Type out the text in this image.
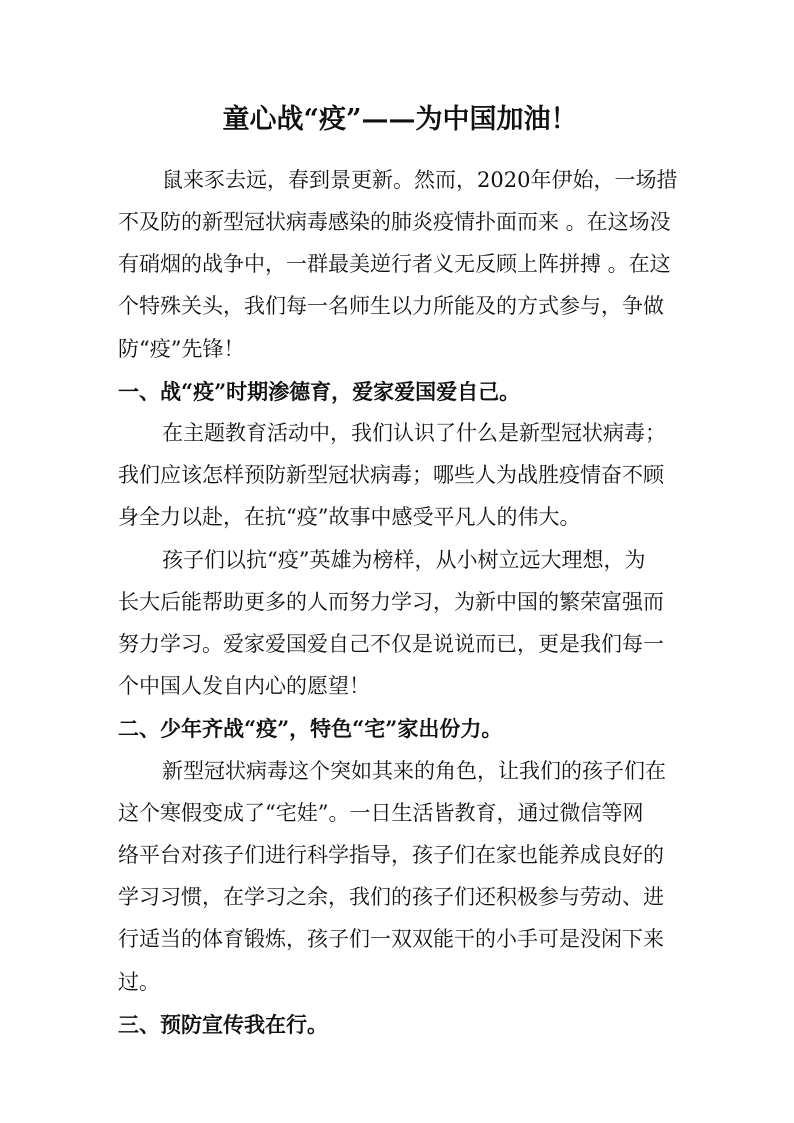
童心战“疫”——为中国加油！
鼠来豕去远，春到景更新。然而，2020年伊始，一场措
不及防的新型冠状病毒感染的肺炎疫情扑面而来 。在这场没
有硝烟的战争中，一群最美逆行者义无反顾上阵拼搏 。在这
个特殊关头，我们每一名师生以力所能及的方式参与，争做
防“疫”先锋！
一、战“疫”时期渗德育，爱家爱国爱自己。
在主题教育活动中，我们认识了什么是新型冠状病毒；
我们应该怎样预防新型冠状病毒；哪些人为战胜疫情奋不顾
身全力以赴，在抗“疫”故事中感受平凡人的伟大。
孩子们以抗“疫”英雄为榜样，从小树立远大理想，为
长大后能帮助更多的人而努力学习，为新中国的繁荣富强而
努力学习。爱家爱国爱自己不仅是说说而已，更是我们每一
个中国人发自内心的愿望！
二、少年齐战“疫”，特色“宅”家出份力。
新型冠状病毒这个突如其来的角色，让我们的孩子们在
这个寒假变成了“宅娃”。一日生活皆教育，通过微信等网
络平台对孩子们进行科学指导，孩子们在家也能养成良好的
学习习惯，在学习之余，我们的孩子们还积极参与劳动、进
行适当的体育锻炼，孩子们一双双能干的小手可是没闲下来
过。
三、预防宣传我在行。
